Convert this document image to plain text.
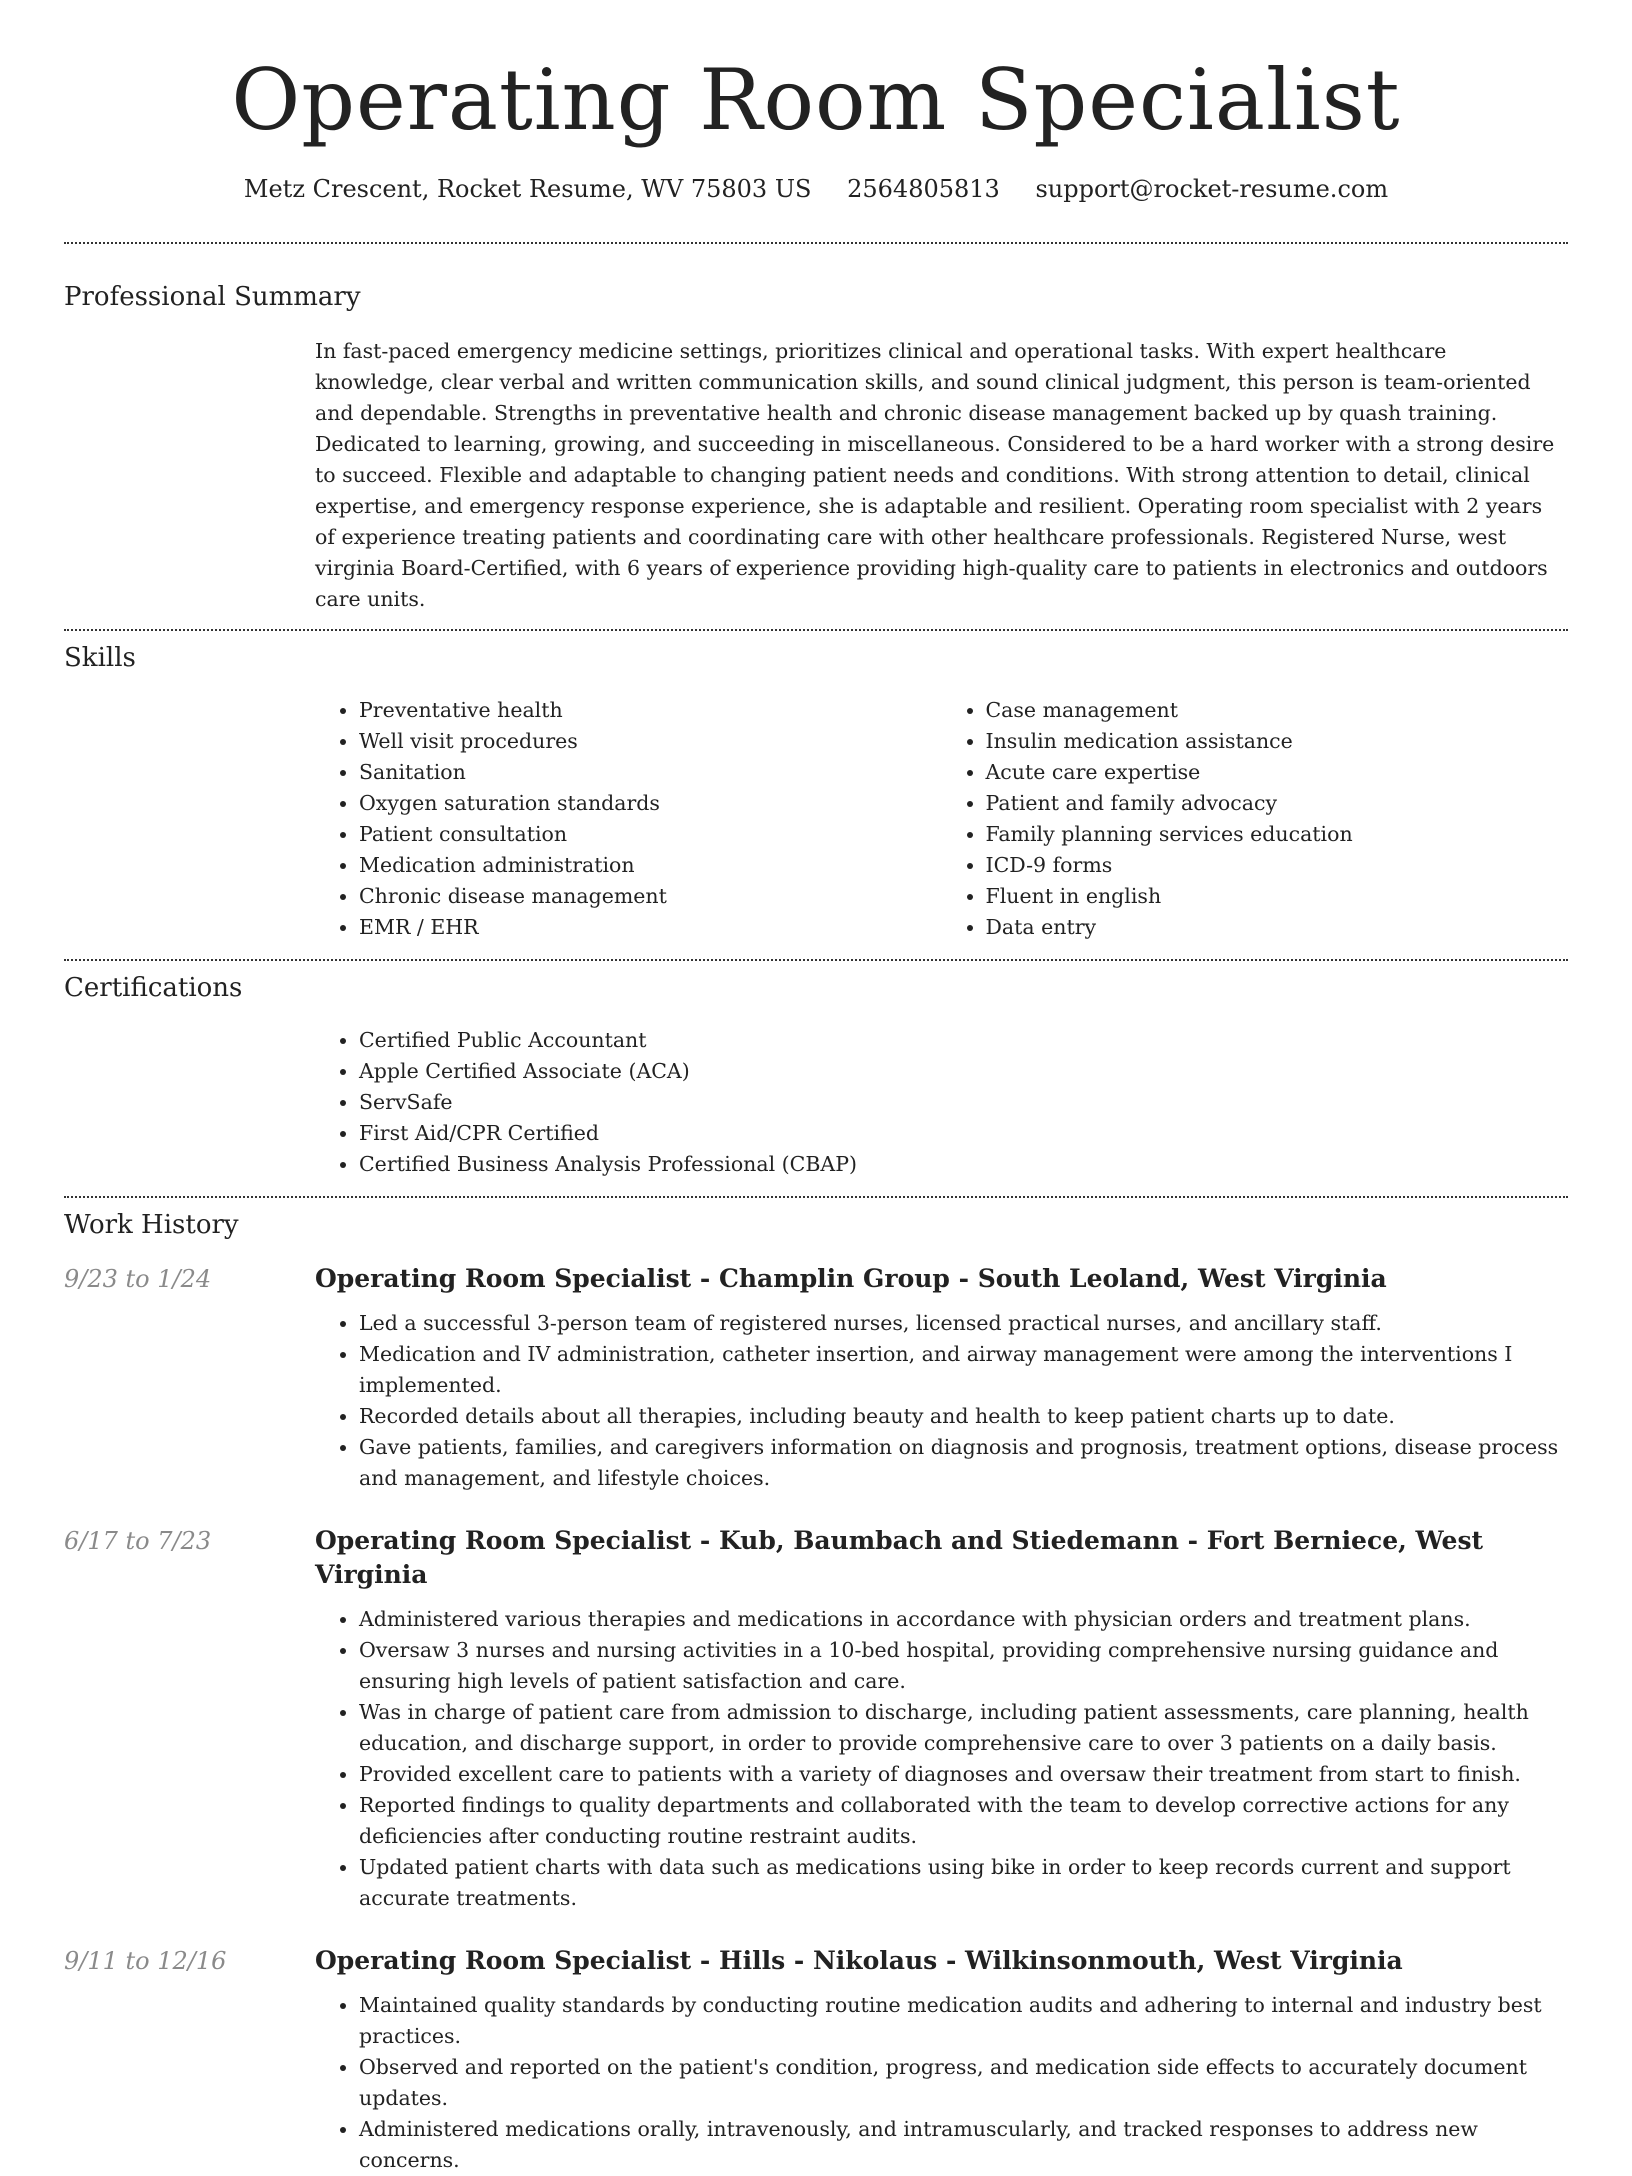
Operating Room Specialist
Metz Crescent, Rocket Resume, WV 75803 US 2564805813 support@rocket-resume.com
Professional Summary

In fast-paced emergency medicine settings, prioritizes clinical and operational tasks. With expert healthcare knowledge, clear verbal and written communication skills, and sound clinical judgment, this person is team-oriented and dependable. Strengths in preventative health and chronic disease management backed up by quash training. Dedicated to learning, growing, and succeeding in miscellaneous. Considered to be a hard worker with a strong desire to succeed. Flexible and adaptable to changing patient needs and conditions. With strong attention to detail, clinical expertise, and emergency response experience, she is adaptable and resilient. Operating room specialist with 2 years of experience treating patients and coordinating care with other healthcare professionals. Registered Nurse, west virginia Board-Certified, with 6 years of experience providing high-quality care to patients in electronics and outdoors care units.

Skills
• Preventative health
• Well visit procedures
• Sanitation
• Oxygen saturation standards
• Patient consultation
• Medication administration
• Chronic disease management
• EMR / EHR
• Case management
• Insulin medication assistance
• Acute care expertise
• Patient and family advocacy
• Family planning services education
• ICD-9 forms
• Fluent in english
• Data entry
Certifications
• Certified Public Accountant
• Apple Certified Associate (ACA)
• ServSafe
• First Aid/CPR Certified
• Certified Business Analysis Professional (CBAP)
Work History
9/23 to 1/24	Operating Room Specialist - Champlin Group - South Leoland, West Virginia
• Led a successful 3-person team of registered nurses, licensed practical nurses, and ancillary staff.
• Medication and IV administration, catheter insertion, and airway management were among the interventions I implemented.
• Recorded details about all therapies, including beauty and health to keep patient charts up to date.
• Gave patients, families, and caregivers information on diagnosis and prognosis, treatment options, disease process and management, and lifestyle choices.
6/17 to 7/23	Operating Room Specialist - Kub, Baumbach and Stiedemann - Fort Berniece, West Virginia
• Administered various therapies and medications in accordance with physician orders and treatment plans.
• Oversaw 3 nurses and nursing activities in a 10-bed hospital, providing comprehensive nursing guidance and ensuring high levels of patient satisfaction and care.
• Was in charge of patient care from admission to discharge, including patient assessments, care planning, health education, and discharge support, in order to provide comprehensive care to over 3 patients on a daily basis.
• Provided excellent care to patients with a variety of diagnoses and oversaw their treatment from start to finish.
• Reported findings to quality departments and collaborated with the team to develop corrective actions for any deficiencies after conducting routine restraint audits.
• Updated patient charts with data such as medications using bike in order to keep records current and support accurate treatments.
9/11 to 12/16	Operating Room Specialist - Hills - Nikolaus - Wilkinsonmouth, West Virginia
• Maintained quality standards by conducting routine medication audits and adhering to internal and industry best practices.
• Observed and reported on the patient's condition, progress, and medication side effects to accurately document updates.
• Administered medications orally, intravenously, and intramuscularly, and tracked responses to address new concerns.
